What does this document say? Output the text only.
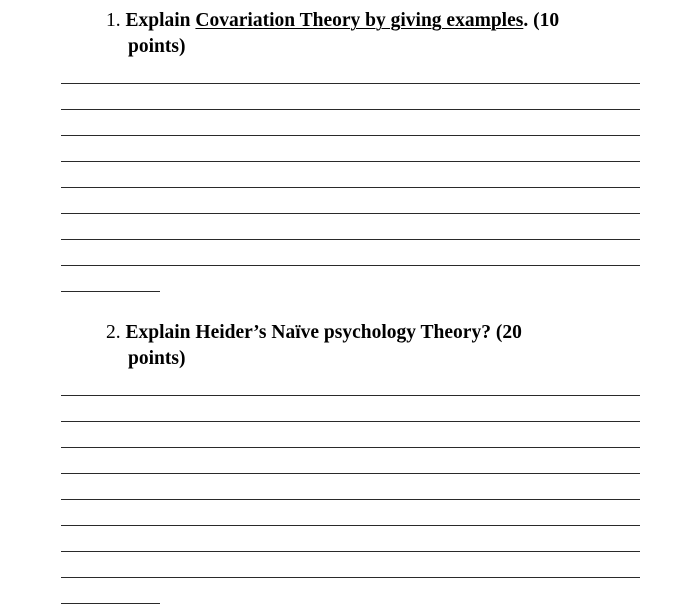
1. Explain Covariation Theory by giving examples. (10
points)
2. Explain Heider’s Naïve psychology Theory? (20
points)
